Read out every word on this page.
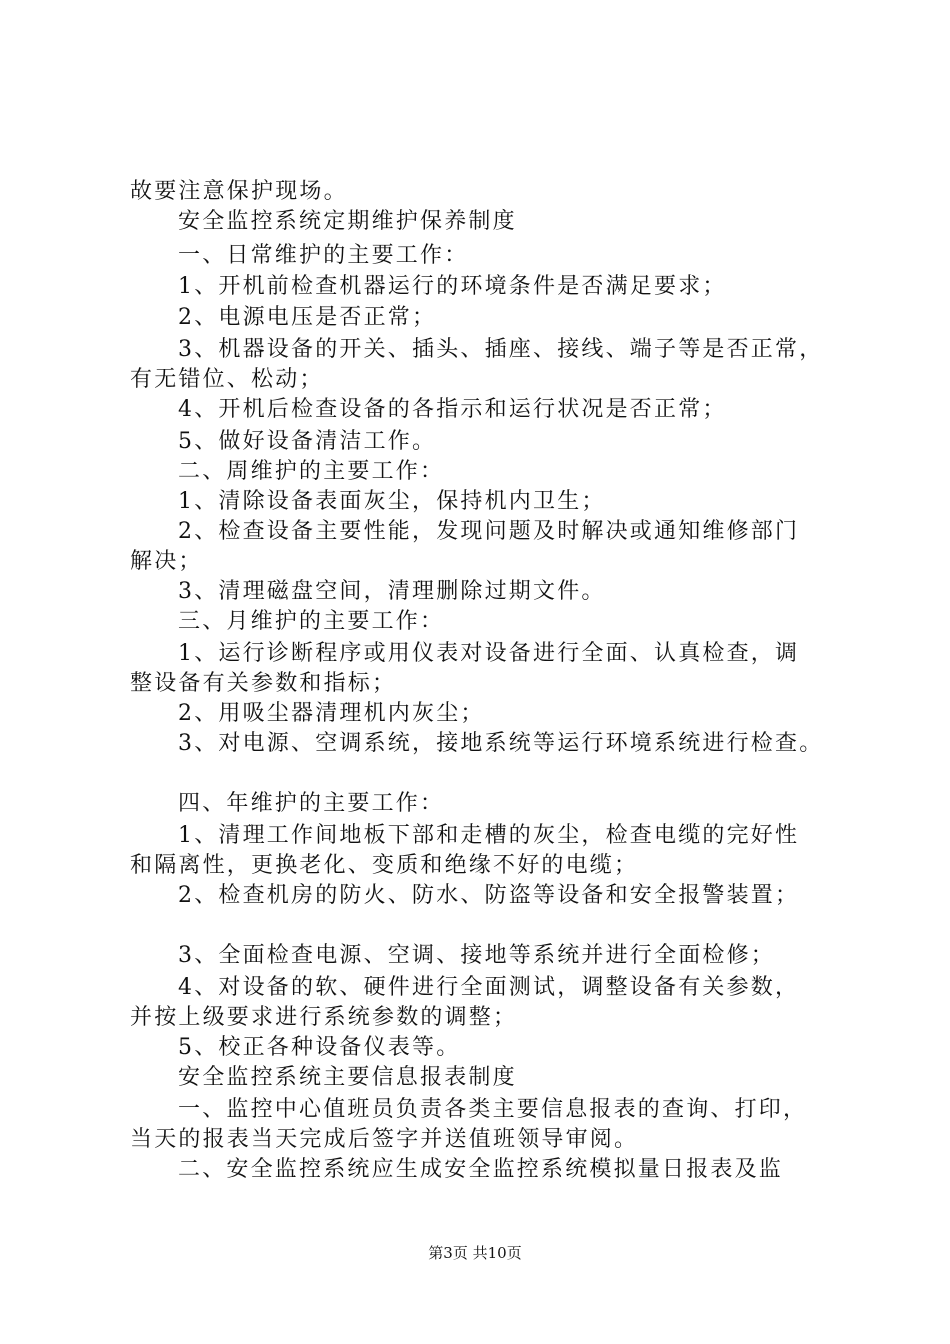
故要注意保护现场。
安全监控系统定期维护保养制度
一、日常维护的主要工作：
1、开机前检查机器运行的环境条件是否满足要求；
2、电源电压是否正常；
3、机器设备的开关、插头、插座、接线、端子等是否正常，
有无错位、松动；
4、开机后检查设备的各指示和运行状况是否正常；
5、做好设备清洁工作。
二、周维护的主要工作：
1、清除设备表面灰尘，保持机内卫生；
2、检查设备主要性能，发现问题及时解决或通知维修部门
解决；
3、清理磁盘空间，清理删除过期文件。
三、月维护的主要工作：
1、运行诊断程序或用仪表对设备进行全面、认真检查，调
整设备有关参数和指标；
2、用吸尘器清理机内灰尘；
3、对电源、空调系统，接地系统等运行环境系统进行检查。
四、年维护的主要工作：
1、清理工作间地板下部和走槽的灰尘，检查电缆的完好性
和隔离性，更换老化、变质和绝缘不好的电缆；
2、检查机房的防火、防水、防盗等设备和安全报警装置；
3、全面检查电源、空调、接地等系统并进行全面检修；
4、对设备的软、硬件进行全面测试，调整设备有关参数，
并按上级要求进行系统参数的调整；
5、校正各种设备仪表等。
安全监控系统主要信息报表制度
一、监控中心值班员负责各类主要信息报表的查询、打印，
当天的报表当天完成后签字并送值班领导审阅。
二、安全监控系统应生成安全监控系统模拟量日报表及监
第3页 共10页
